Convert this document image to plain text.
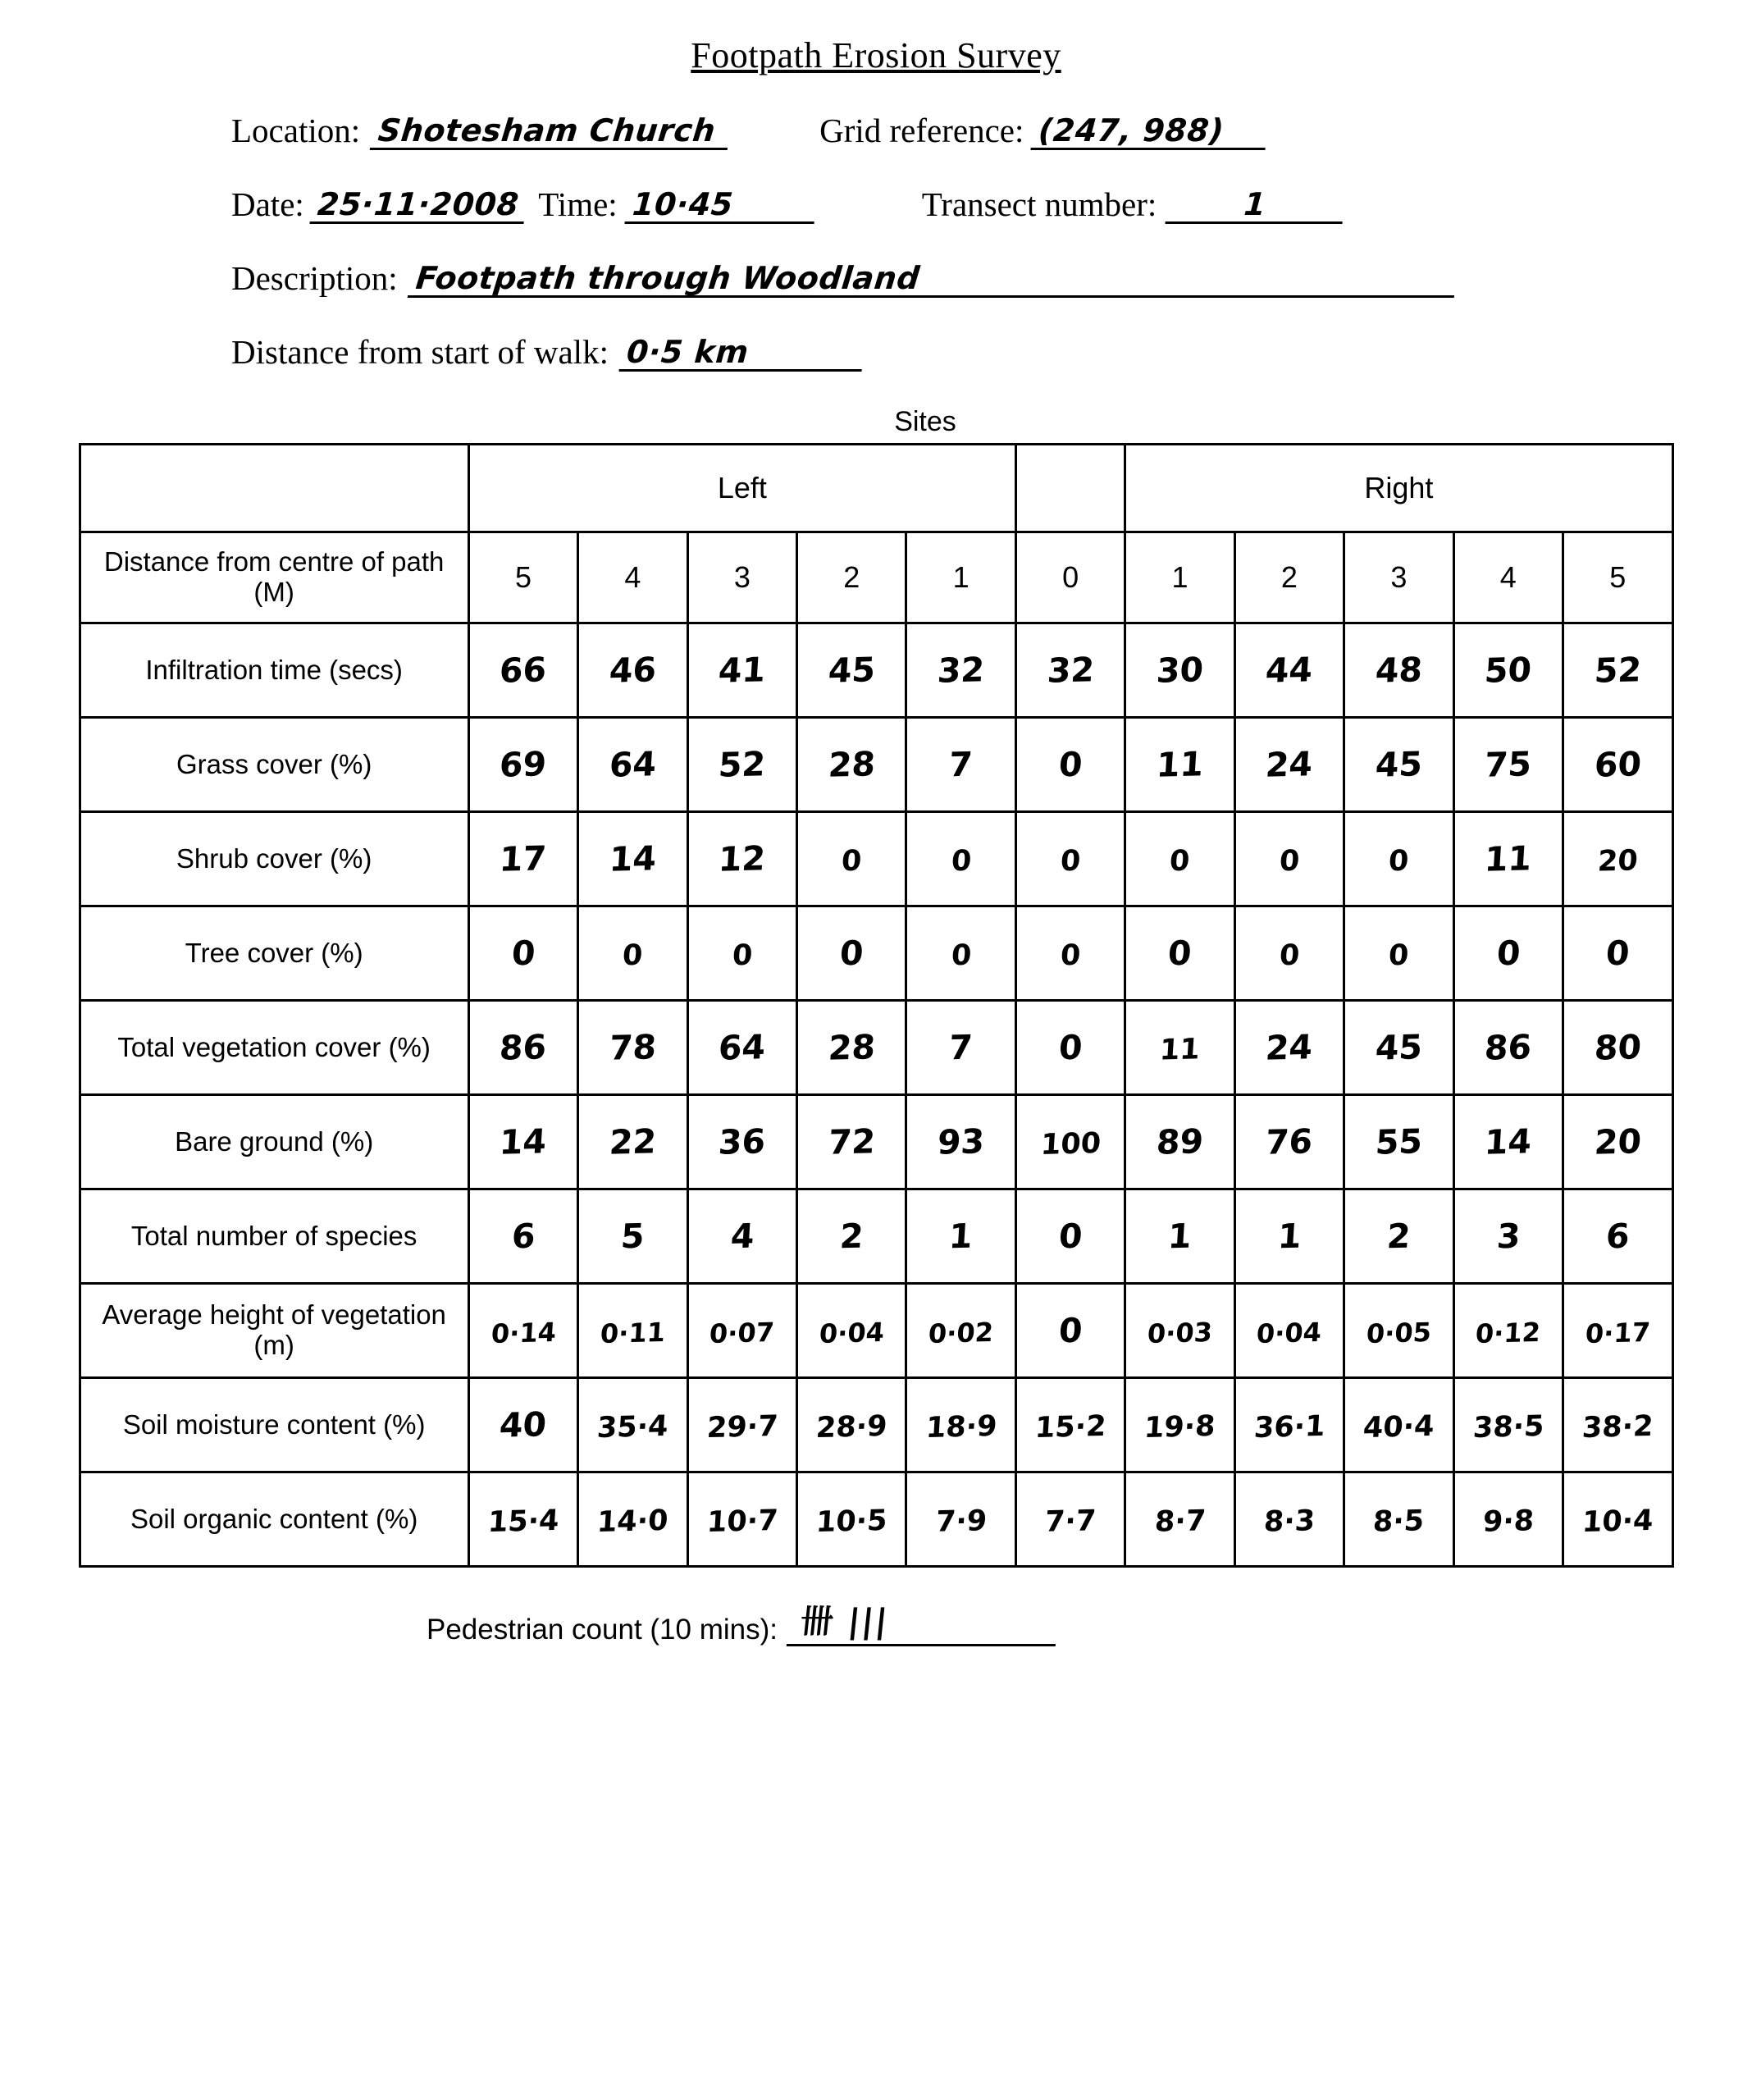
Footpath Erosion Survey
Location: Shotesham Church	Grid reference: (247, 988)
Date: 25·11·2008 Time: 10·45	Transect number:	1
Description: Footpath through Woodland
Distance from start of walk: 0·5 km
Sites
	Left						Right				
Distance from centre of path (M)	5	4	3	2	1	0	1	2	3	4	5
Infiltration time (secs)	66	46	41	45	32	32	30	44	48	50	52
Grass cover (%)	69	64	52	28	7	0	11	24	45	75	60
Shrub cover (%)	17	14	12	0	0	0	0	0	0	11	20
Tree cover (%)	0	0	0	0	0	0	0	0	0	0	0
Total vegetation cover (%)	86	78	64	28	7	0	11	24	45	86	80
Bare ground (%)	14	22	36	72	93	100	89	76	55	14	20
Total number of species	6	5	4	2	1	0	1	1	2	3	6
Average height of vegetation (m)	0·14	0·11	0·07	0·04	0·02	0	0·03	0·04	0·05	0·12	0·17
Soil moisture content (%)	40	35·4	29·7	28·9	18·9	15·2	19·8	36·1	40·4	38·5	38·2
Soil organic content (%)	15·4	14·0	10·7	10·5	7·9	7·7	8·7	8·3	8·5	9·8	10·4
Pedestrian count (10 mins): 卌 |||
